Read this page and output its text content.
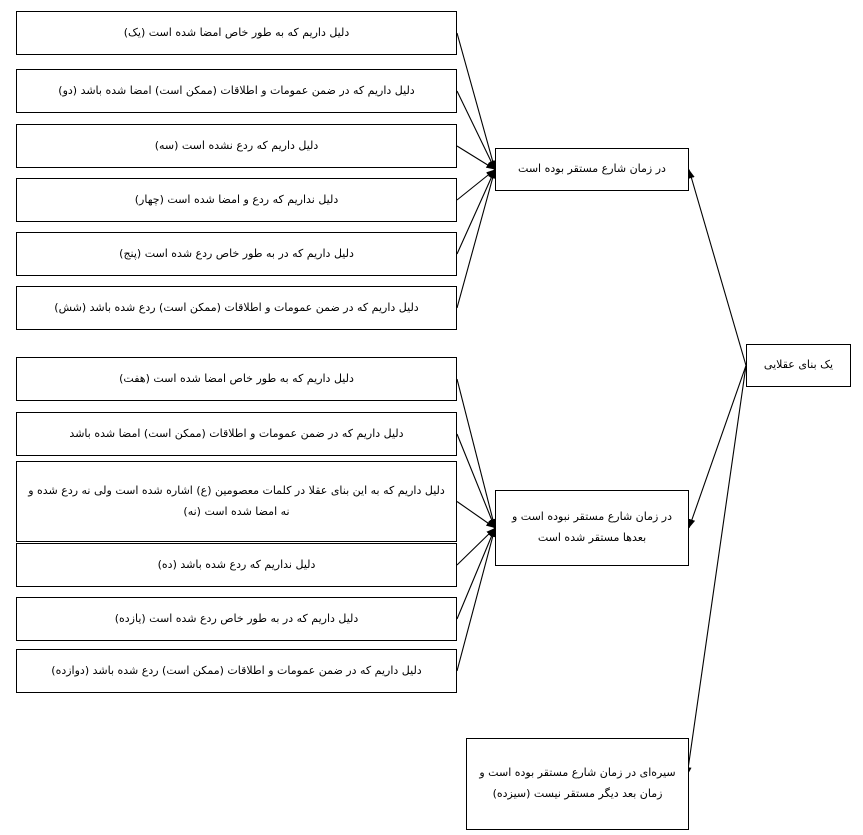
دلیل داریم که به طور خاص امضا شده است (یک)
دلیل داریم که در ضمن عمومات و اطلاقات (ممکن است) امضا شده باشد (دو)
دلیل داریم که ردع نشده است (سه)
دلیل نداریم که ردع و امضا شده است (چهار)
دلیل داریم که در به طور خاص ردع شده است (پنج)
دلیل داریم که در ضمن عمومات و اطلاقات (ممکن است) ردع شده باشد (شش)
دلیل داریم که به طور خاص امضا شده است (هفت)
دلیل داریم که در ضمن عمومات و اطلاقات (ممکن است) امضا شده باشد
دلیل داریم که به این بنای عقلا در کلمات معصومین (ع) اشاره شده است ولی نه ردع شده و نه امضا شده است (نه)
دلیل نداریم که ردع شده باشد (ده)
دلیل داریم که در به طور خاص ردع شده است (یازده)
دلیل داریم که در ضمن عمومات و اطلاقات (ممکن است) ردع شده باشد (دوازده)
در زمان شارع مستقر بوده است
در زمان شارع مستقر نبوده است و بعدها مستقر شده است
سیره‌ای در زمان شارع مستقر بوده است و زمان بعد دیگر مستقر نیست (سیزده)
یک بنای عقلایی
